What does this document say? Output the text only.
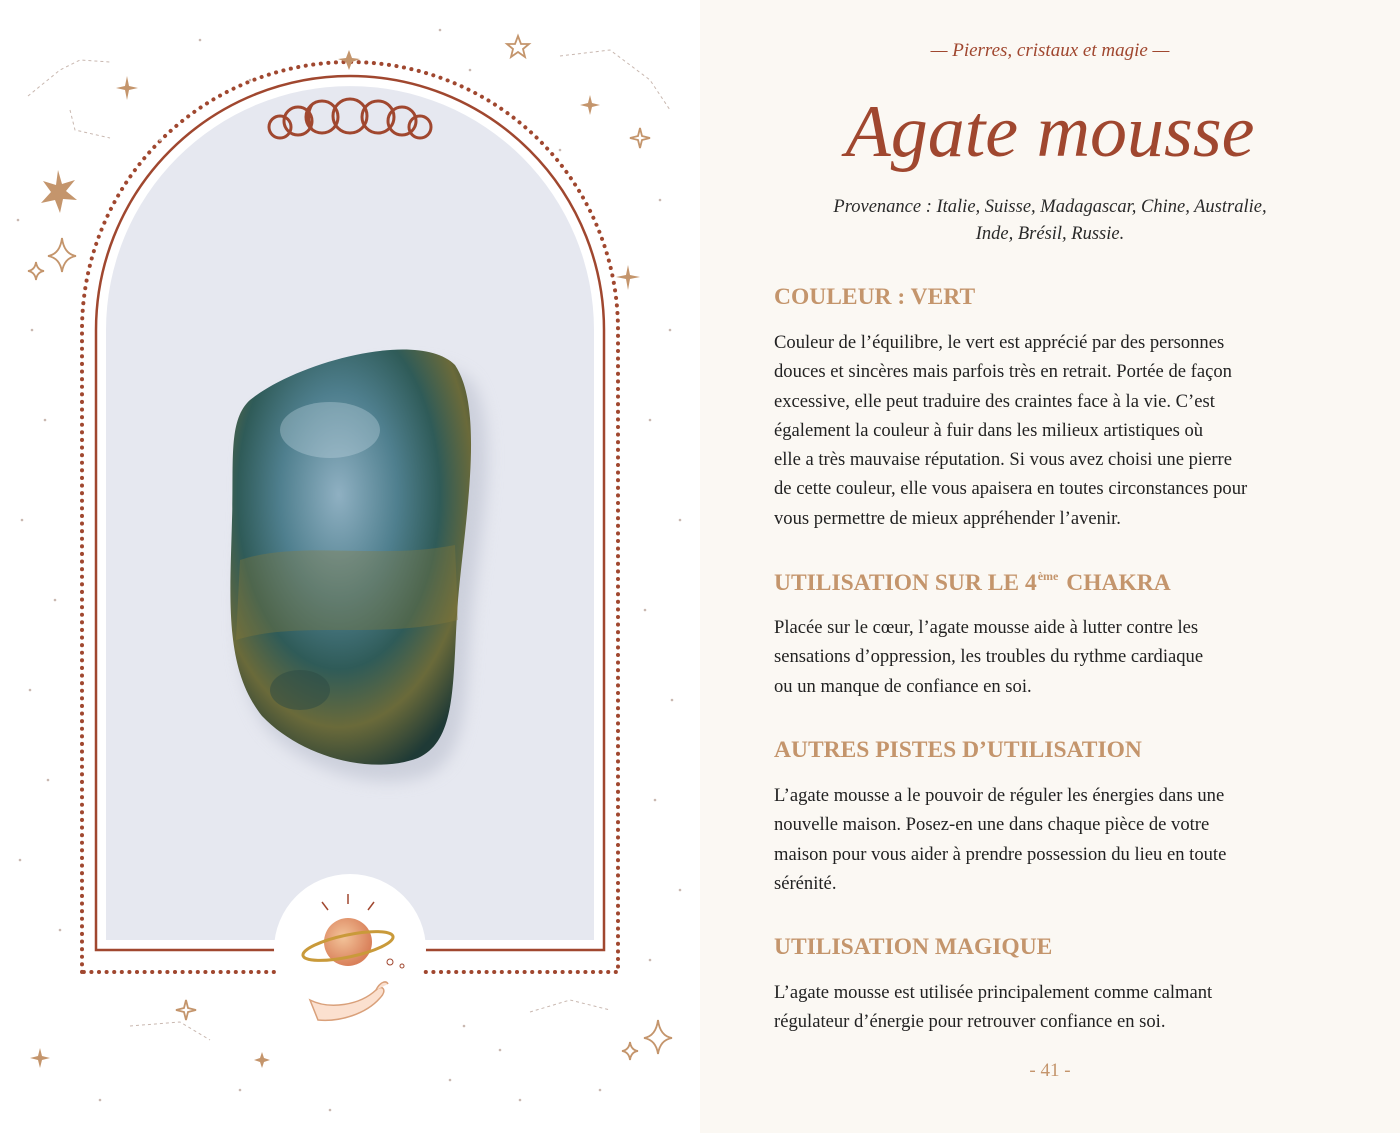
— Pierres, cristaux et magie —
Agate mousse
Provenance : Italie, Suisse, Madagascar, Chine, Australie,
Inde, Brésil, Russie.
COULEUR : VERT
Couleur de l’équilibre, le vert est apprécié par des personnes
douces et sincères mais parfois très en retrait. Portée de façon
excessive, elle peut traduire des craintes face à la vie. C’est
également la couleur à fuir dans les milieux artistiques où
elle a très mauvaise réputation. Si vous avez choisi une pierre
de cette couleur, elle vous apaisera en toutes circonstances pour
vous permettre de mieux appréhender l’avenir.
UTILISATION SUR LE 4ème CHAKRA
Placée sur le cœur, l’agate mousse aide à lutter contre les
sensations d’oppression, les troubles du rythme cardiaque
ou un manque de confiance en soi.
AUTRES PISTES D’UTILISATION
L’agate mousse a le pouvoir de réguler les énergies dans une
nouvelle maison. Posez-en une dans chaque pièce de votre
maison pour vous aider à prendre possession du lieu en toute
sérénité.
UTILISATION MAGIQUE
L’agate mousse est utilisée principalement comme calmant
régulateur d’énergie pour retrouver confiance en soi.
- 41 -
